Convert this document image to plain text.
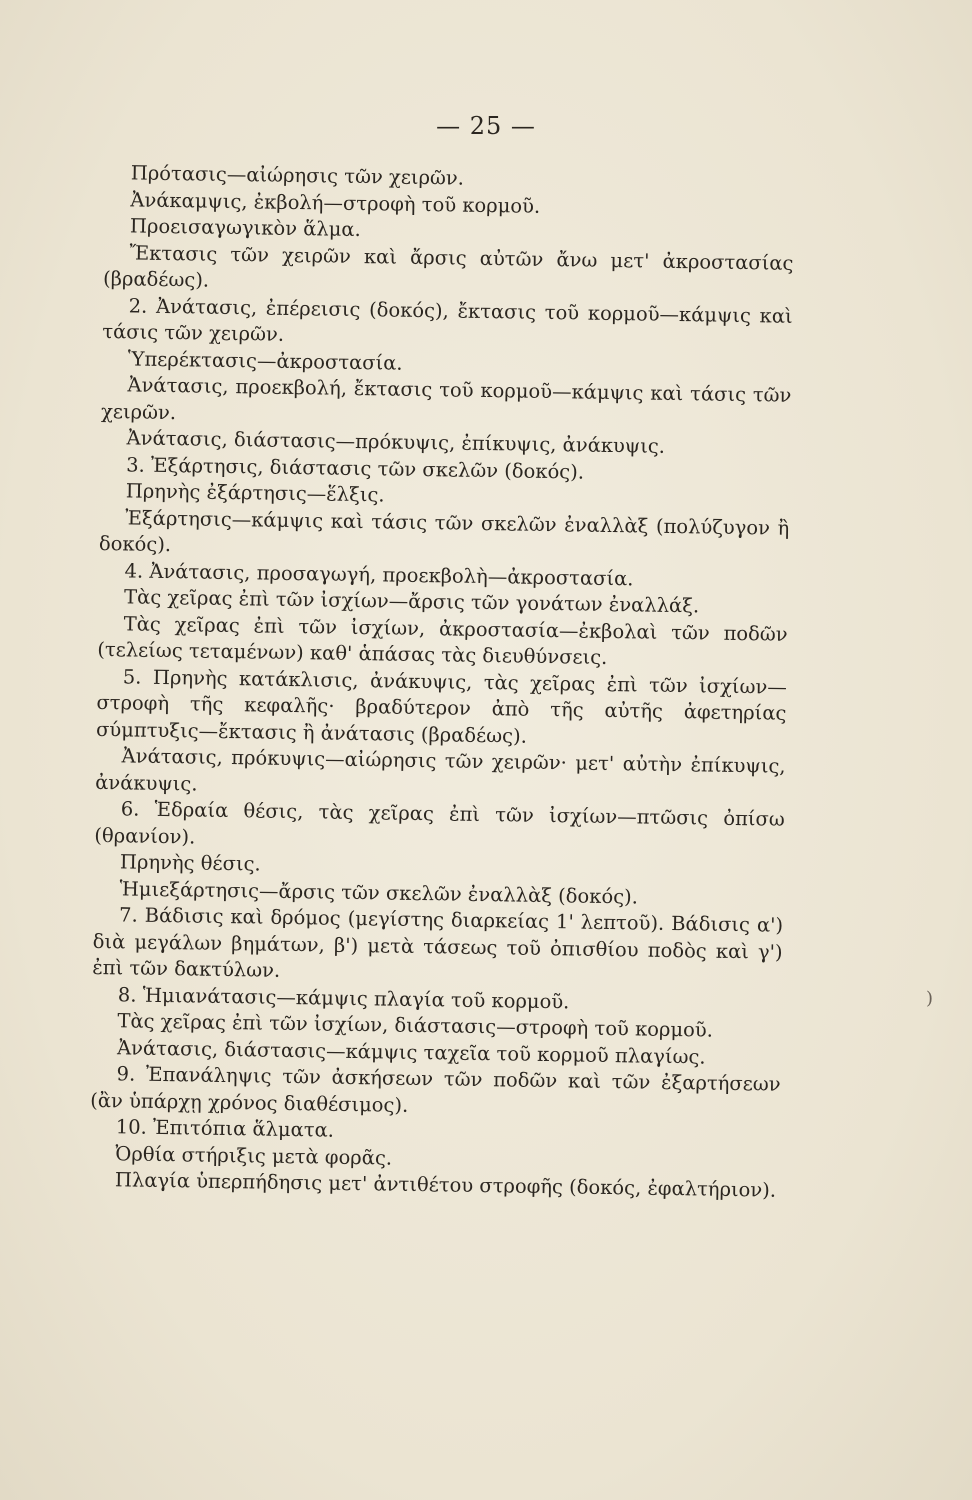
— 25 —

Πρότασις—αἰώρησις τῶν χειρῶν.

Ἀνάκαμψις, ἐκβολή—στροφὴ τοῦ κορμοῦ.

Προεισαγωγικὸν ἅλμα.

Ἔκτασις τῶν χειρῶν καὶ ἄρσις αὐτῶν ἄνω μετ' ἀκροστασίας (βραδέως).

2. Ἀνάτασις, ἐπέρεισις (δοκός), ἔκτασις τοῦ κορμοῦ—κάμψις καὶ τάσις τῶν χειρῶν.

Ὑπερέκτασις—ἀκροστασία.

Ἀνάτασις, προεκβολή, ἔκτασις τοῦ κορμοῦ—κάμψις καὶ τάσις τῶν χειρῶν.

Ἀνάτασις, διάστασις—πρόκυψις, ἐπίκυψις, ἀνάκυψις.

3. Ἐξάρτησις, διάστασις τῶν σκελῶν (δοκός).

Πρηνὴς ἐξάρτησις—ἕλξις.

Ἐξάρτησις—κάμψις καὶ τάσις τῶν σκελῶν ἐναλλὰξ (πολύζυγον ἢ δοκός).

4. Ἀνάτασις, προσαγωγή, προεκβολὴ—ἀκροστασία.

Τὰς χεῖρας ἐπὶ τῶν ἰσχίων—ἄρσις τῶν γονάτων ἐναλλάξ.

Τὰς χεῖρας ἐπὶ τῶν ἰσχίων, ἀκροστασία—ἐκβολαὶ τῶν ποδῶν (τελείως τεταμένων) καθ' ἁπάσας τὰς διευθύνσεις.

5. Πρηνὴς κατάκλισις, ἀνάκυψις, τὰς χεῖρας ἐπὶ τῶν ἰσχίων—στροφὴ τῆς κεφαλῆς· βραδύτερον ἀπὸ τῆς αὐτῆς ἀφετηρίας σύμπτυξις—ἔκτασις ἢ ἀνάτασις (βραδέως).

Ἀνάτασις, πρόκυψις—αἰώρησις τῶν χειρῶν· μετ' αὐτὴν ἐπίκυψις, ἀνάκυψις.

6. Ἑδραία θέσις, τὰς χεῖρας ἐπὶ τῶν ἰσχίων—πτῶσις ὀπίσω (θρανίον).

Πρηνὴς θέσις.

Ἡμιεξάρτησις—ἄρσις τῶν σκελῶν ἐναλλὰξ (δοκός).

7. Βάδισις καὶ δρόμος (μεγίστης διαρκείας 1' λεπτοῦ). Βάδισις α') διὰ μεγάλων βημάτων, β') μετὰ τάσεως τοῦ ὀπισθίου ποδὸς καὶ γ') ἐπὶ τῶν δακτύλων.

8. Ἡμιανάτασις—κάμψις πλαγία τοῦ κορμοῦ.

Τὰς χεῖρας ἐπὶ τῶν ἰσχίων, διάστασις—στροφὴ τοῦ κορμοῦ.

Ἀνάτασις, διάστασις—κάμψις ταχεῖα τοῦ κορμοῦ πλαγίως.

9. Ἐπανάληψις τῶν ἀσκήσεων τῶν ποδῶν καὶ τῶν ἐξαρτήσεων (ἂν ὑπάρχῃ χρόνος διαθέσιμος).

10. Ἐπιτόπια ἅλματα.

Ὀρθία στήριξις μετὰ φορᾶς.

Πλαγία ὑπερπήδησις μετ' ἀντιθέτου στροφῆς (δοκός, ἐφαλτήριον).

)
